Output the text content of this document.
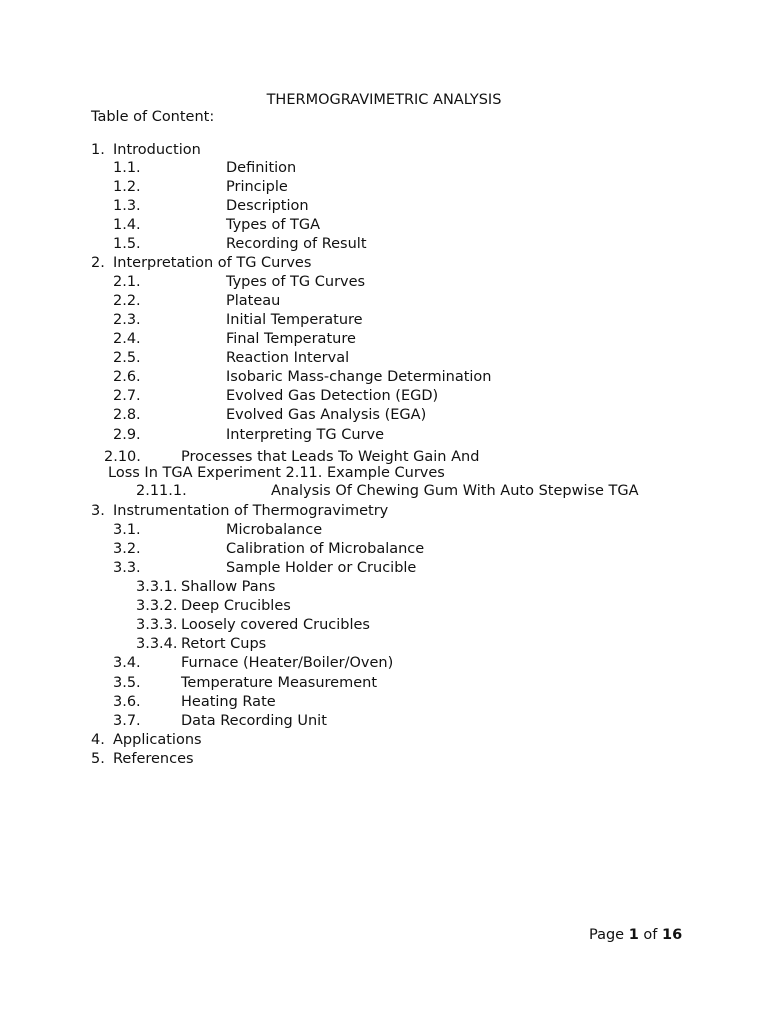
THERMOGRAVIMETRIC ANALYSIS
Table of Content:
1. Introduction
1.1.	Definition
1.2.	Principle
1.3.	Description
1.4.	Types of TGA
1.5.	Recording of Result
2. Interpretation of TG Curves
2.1.	Types of TG Curves
2.2.	Plateau
2.3.	Initial Temperature
2.4.	Final Temperature
2.5.	Reaction Interval
2.6.	Isobaric Mass-change Determination
2.7.	Evolved Gas Detection (EGD)
2.8.	Evolved Gas Analysis (EGA)
2.9.	Interpreting TG Curve
2.10.	Processes that Leads To Weight Gain And
Loss In TGA Experiment 2.11. Example Curves
2.11.1.	Analysis Of Chewing Gum With Auto Stepwise TGA
3. Instrumentation of Thermogravimetry
3.1.	Microbalance
3.2.	Calibration of Microbalance
3.3.	Sample Holder or Crucible
3.3.1. Shallow Pans
3.3.2. Deep Crucibles
3.3.3. Loosely covered Crucibles
3.3.4. Retort Cups
3.4.	Furnace (Heater/Boiler/Oven)
3.5.	Temperature Measurement
3.6.	Heating Rate
3.7.	Data Recording Unit
4. Applications
5. References
Page 1 of 16
